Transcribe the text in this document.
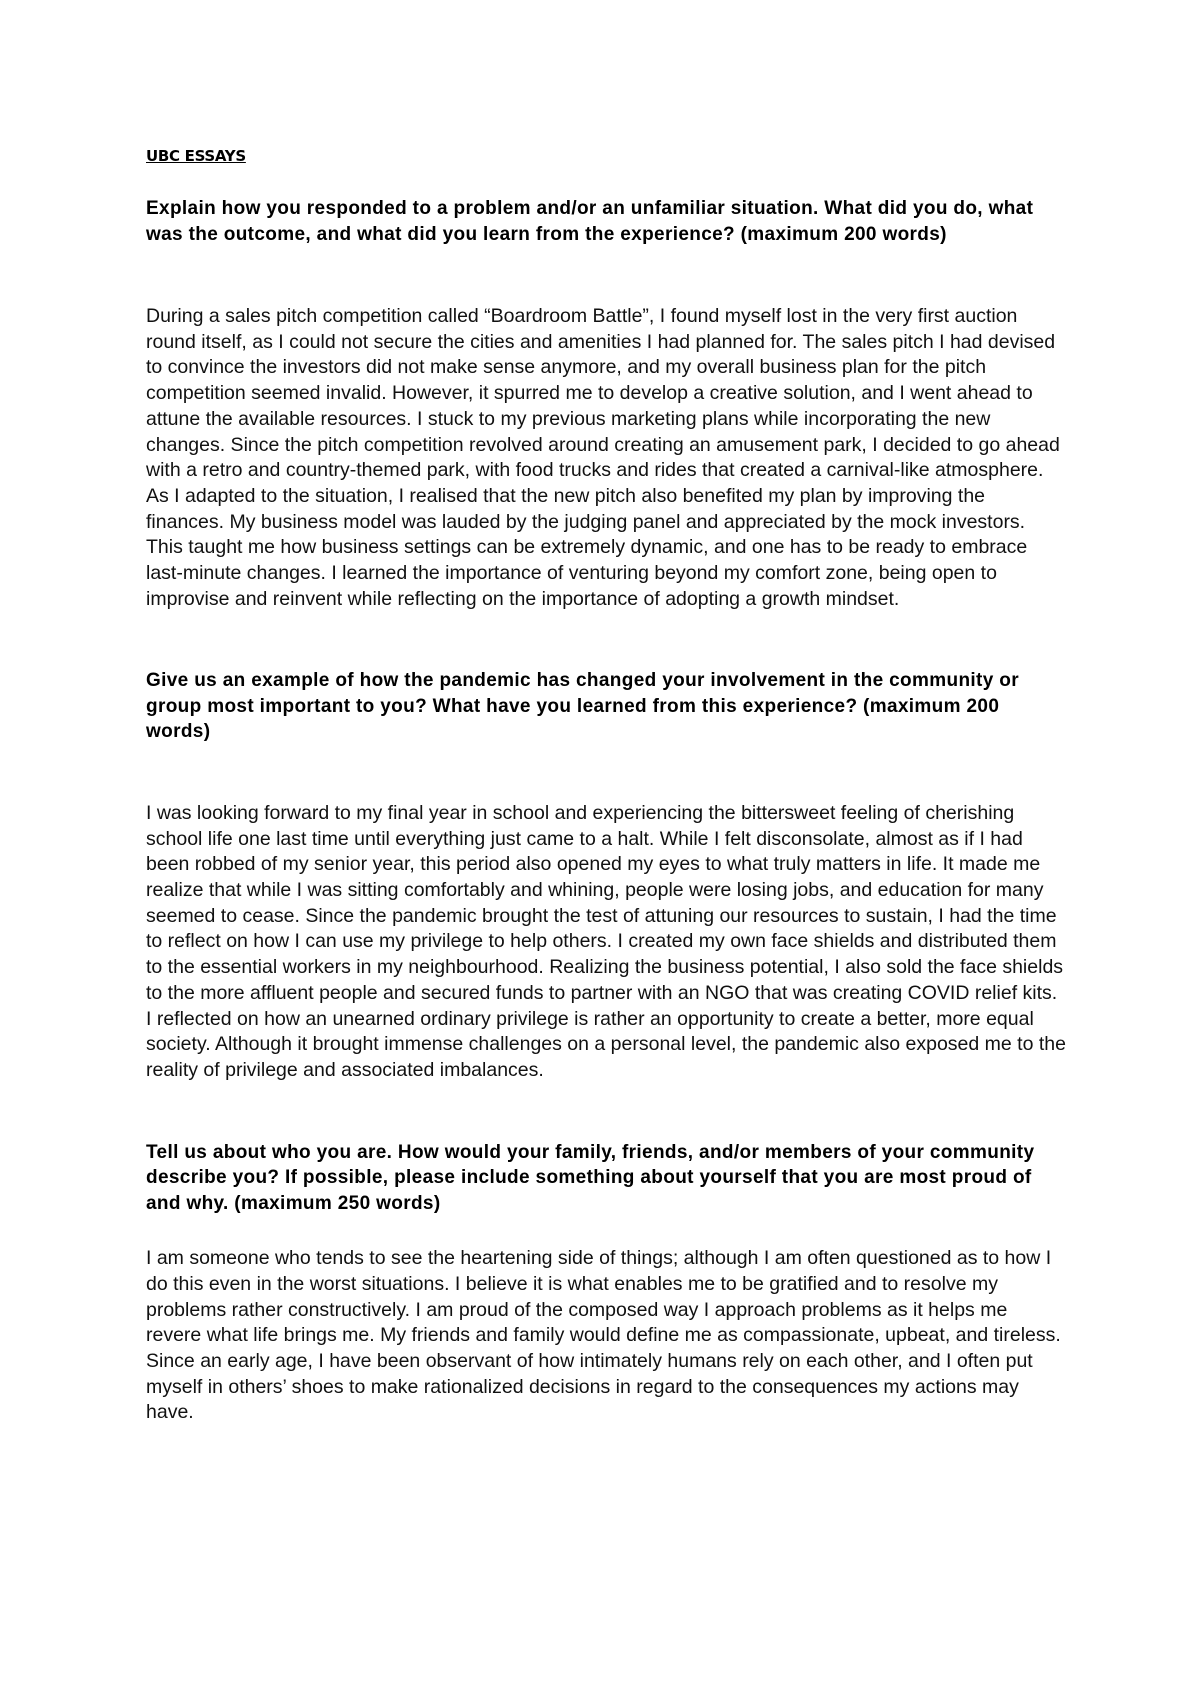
UBC ESSAYS

Explain how you responded to a problem and/or an unfamiliar situation. What did you do, what was the outcome, and what did you learn from the experience? (maximum 200 words)

During a sales pitch competition called “Boardroom Battle”, I found myself lost in the very first auction round itself, as I could not secure the cities and amenities I had planned for. The sales pitch I had devised to convince the investors did not make sense anymore, and my overall business plan for the pitch competition seemed invalid. However, it spurred me to develop a creative solution, and I went ahead to attune the available resources. I stuck to my previous marketing plans while incorporating the new changes. Since the pitch competition revolved around creating an amusement park, I decided to go ahead with a retro and country-themed park, with food trucks and rides that created a carnival-like atmosphere. As I adapted to the situation, I realised that the new pitch also benefited my plan by improving the finances. My business model was lauded by the judging panel and appreciated by the mock investors. This taught me how business settings can be extremely dynamic, and one has to be ready to embrace last-minute changes. I learned the importance of venturing beyond my comfort zone, being open to improvise and reinvent while reflecting on the importance of adopting a growth mindset.

Give us an example of how the pandemic has changed your involvement in the community or group most important to you? What have you learned from this experience? (maximum 200 words)

I was looking forward to my final year in school and experiencing the bittersweet feeling of cherishing school life one last time until everything just came to a halt. While I felt disconsolate, almost as if I had been robbed of my senior year, this period also opened my eyes to what truly matters in life. It made me realize that while I was sitting comfortably and whining, people were losing jobs, and education for many seemed to cease. Since the pandemic brought the test of attuning our resources to sustain, I had the time to reflect on how I can use my privilege to help others. I created my own face shields and distributed them to the essential workers in my neighbourhood. Realizing the business potential, I also sold the face shields to the more affluent people and secured funds to partner with an NGO that was creating COVID relief kits. I reflected on how an unearned ordinary privilege is rather an opportunity to create a better, more equal society. Although it brought immense challenges on a personal level, the pandemic also exposed me to the reality of privilege and associated imbalances.

Tell us about who you are. How would your family, friends, and/or members of your community describe you? If possible, please include something about yourself that you are most proud of and why. (maximum 250 words)

I am someone who tends to see the heartening side of things; although I am often questioned as to how I do this even in the worst situations. I believe it is what enables me to be gratified and to resolve my problems rather constructively. I am proud of the composed way I approach problems as it helps me revere what life brings me. My friends and family would define me as compassionate, upbeat, and tireless. Since an early age, I have been observant of how intimately humans rely on each other, and I often put myself in others’ shoes to make rationalized decisions in regard to the consequences my actions may have.
